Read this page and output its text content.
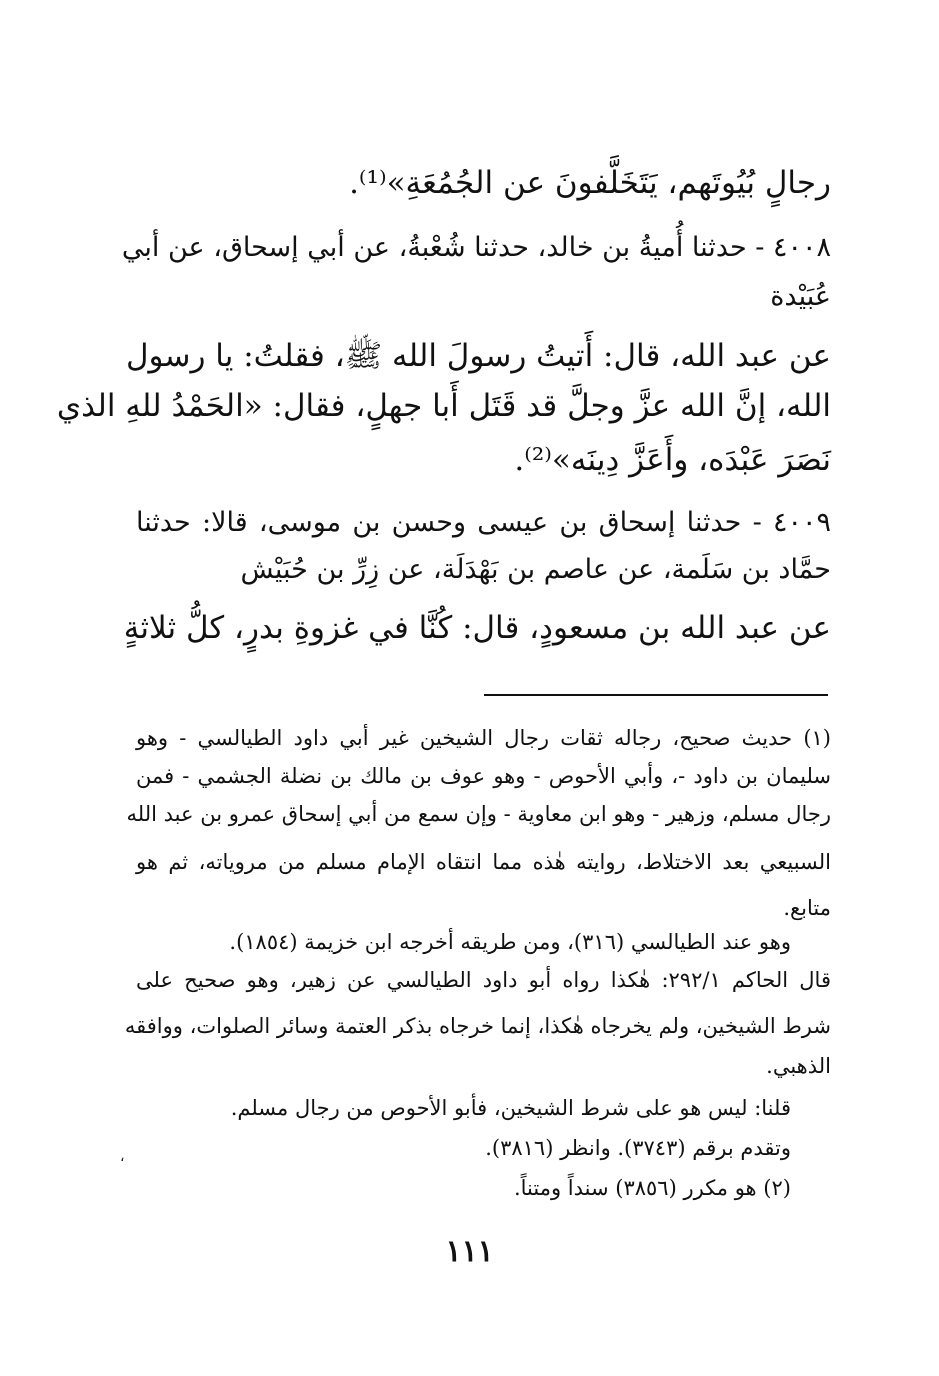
رجالٍ بُيُوتَهم، يَتَخَلَّفونَ عن الجُمُعَةِ»⁽¹⁾.
٤٠٠٨ - حدثنا أُميةُ بن خالد، حدثنا شُعْبةُ، عن أبي إسحاق، عن أبي
عُبَيْدة
عن عبد الله، قال: أَتيتُ رسولَ الله ﷺ، فقلتُ: يا رسول
الله، إنَّ الله عزَّ وجلَّ قد قَتَل أَبا جهلٍ، فقال: «الحَمْدُ للهِ الذي
نَصَرَ عَبْدَه، وأَعَزَّ دِينَه»⁽²⁾.
٤٠٠٩ - حدثنا إسحاق بن عيسى وحسن بن موسى، قالا: حدثنا
حمَّاد بن سَلَمة، عن عاصم بن بَهْدَلَة، عن زِرِّ بن حُبَيْش
عن عبد الله بن مسعودٍ، قال: كُنَّا في غزوةِ بدرٍ، كلُّ ثلاثةٍ
(١) حديث صحيح، رجاله ثقات رجال الشيخين غير أبي داود الطيالسي - وهو
سليمان بن داود -، وأبي الأحوص - وهو عوف بن مالك بن نضلة الجشمي - فمن
رجال مسلم، وزهير - وهو ابن معاوية - وإن سمع من أبي إسحاق عمرو بن عبد الله
السبيعي بعد الاختلاط، روايته هٰذه مما انتقاه الإمام مسلم من مروياته، ثم هو
متابع.
وهو عند الطيالسي (٣١٦)، ومن طريقه أخرجه ابن خزيمة (١٨٥٤).
قال الحاكم ٢٩٢/١: هٰكذا رواه أبو داود الطيالسي عن زهير، وهو صحيح على
شرط الشيخين، ولم يخرجاه هٰكذا، إنما خرجاه بذكر العتمة وسائر الصلوات، ووافقه
الذهبي.
قلنا: ليس هو على شرط الشيخين، فأبو الأحوص من رجال مسلم.
وتقدم برقم (٣٧٤٣). وانظر (٣٨١٦).
(٢) هو مكرر (٣٨٥٦) سنداً ومتناً.
،
١١١
